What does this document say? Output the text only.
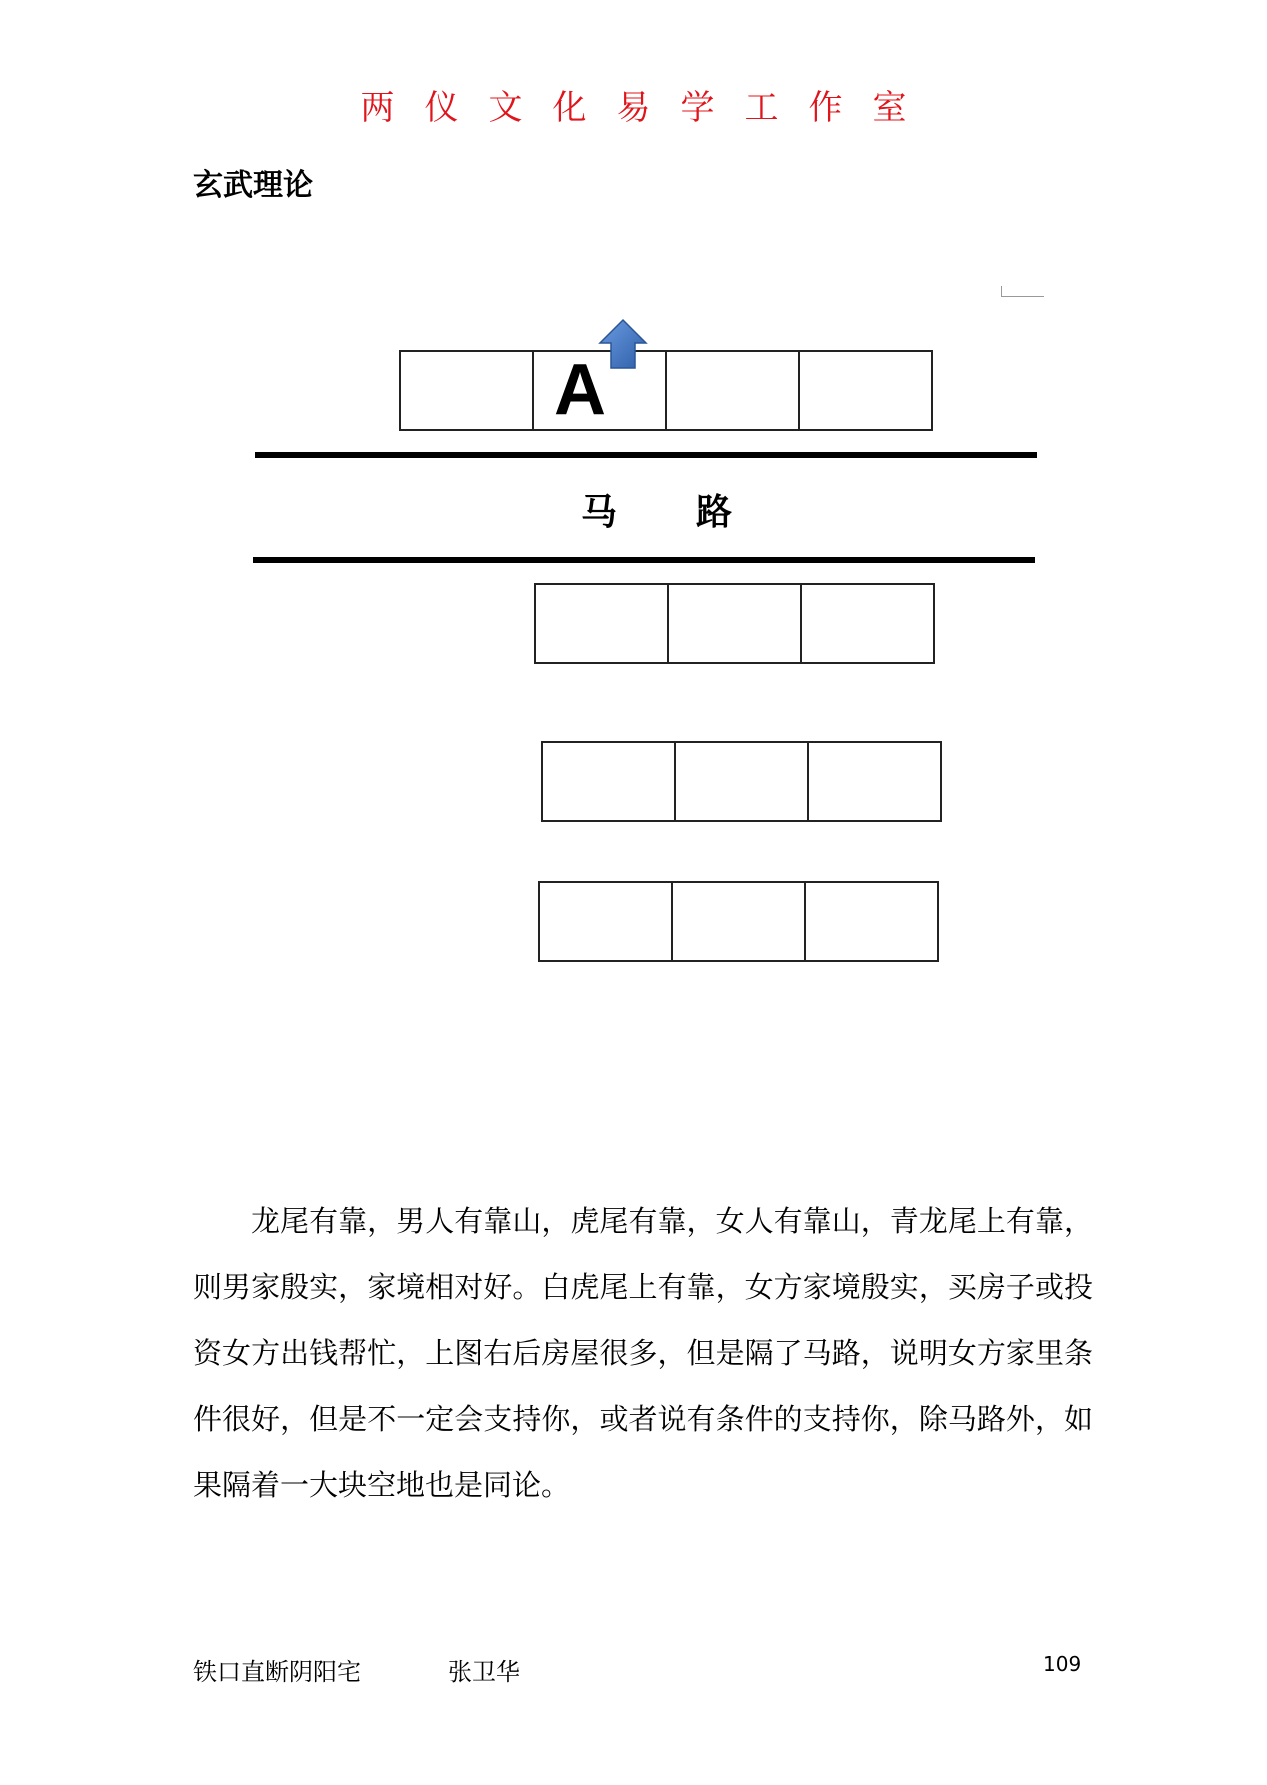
两仪文化易学工作室
玄武理论
A
马 路

龙尾有靠，男人有靠山，虎尾有靠，女人有靠山，青龙尾上有靠，则男家殷实，家境相对好。白虎尾上有靠，女方家境殷实，买房子或投资女方出钱帮忙，上图右后房屋很多，但是隔了马路，说明女方家里条件很好，但是不一定会支持你，或者说有条件的支持你，除马路外，如果隔着一大块空地也是同论。

铁口直断阴阳宅	张卫华	109
